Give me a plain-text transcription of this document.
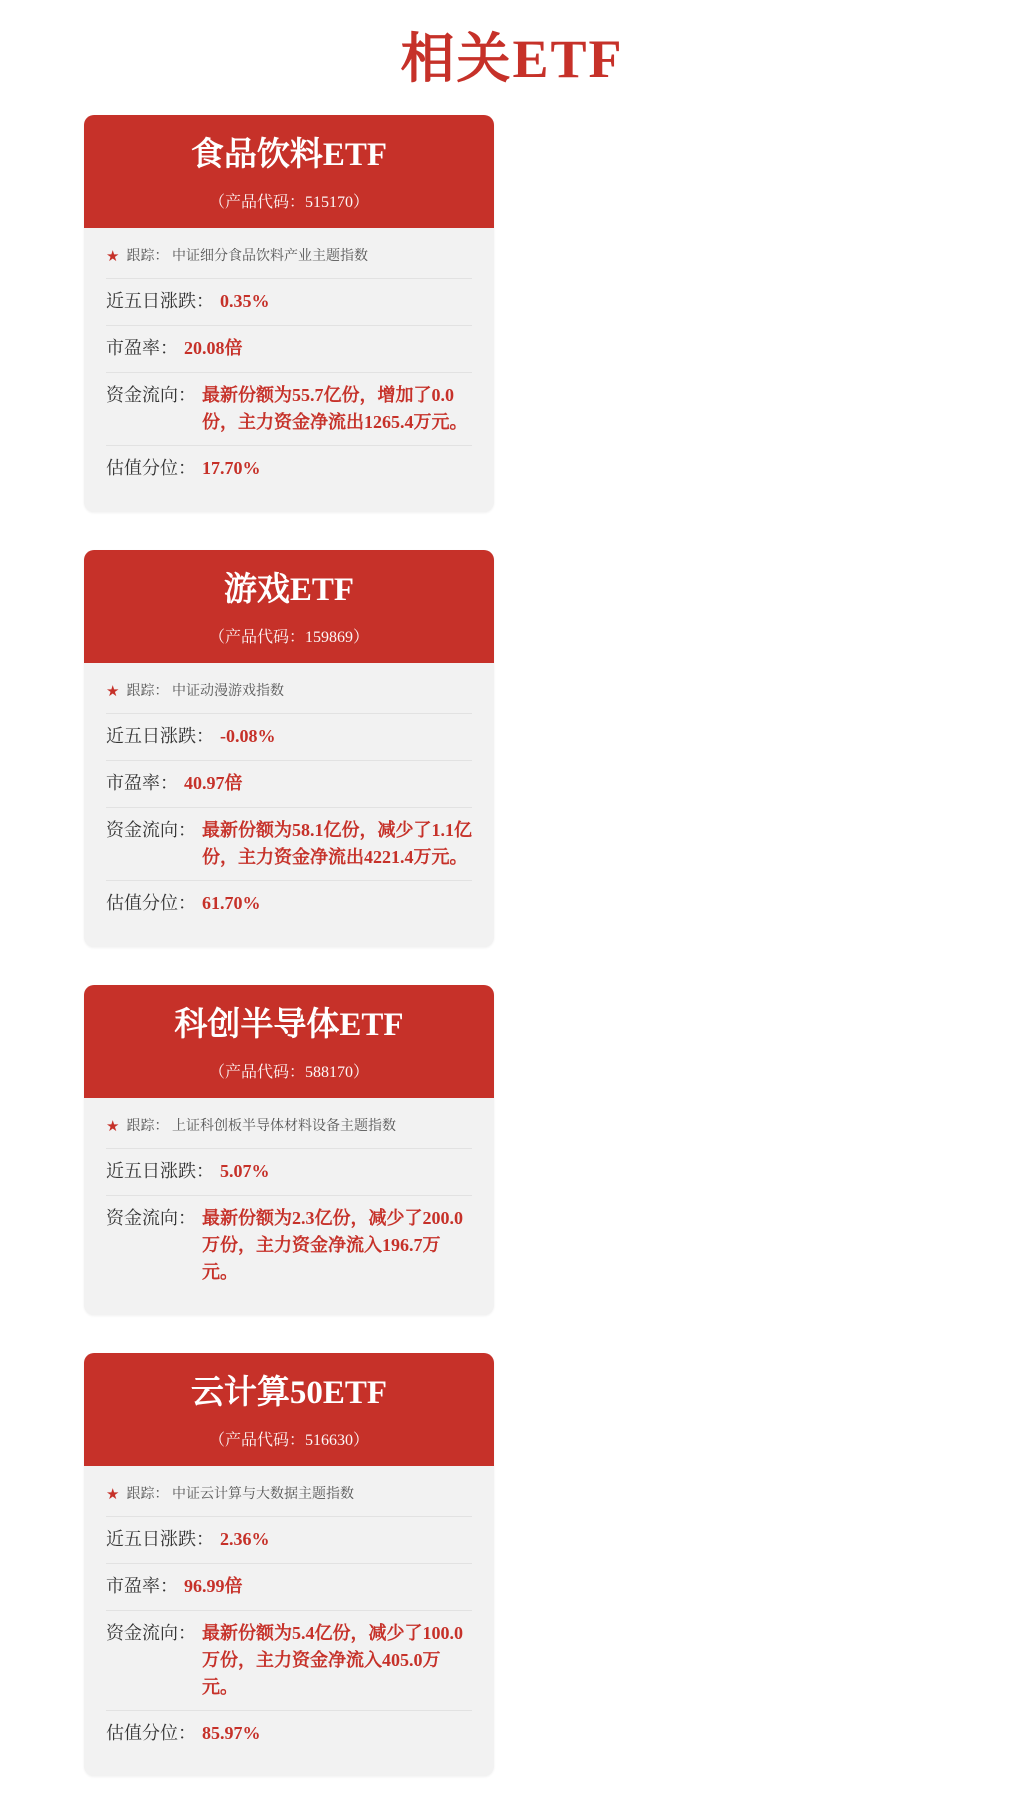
相关ETF
食品饮料ETF
（产品代码：515170）
★ 跟踪： 中证细分食品饮料产业主题指数
近五日涨跌： 0.35%
市盈率： 20.08倍
资金流向： 最新份额为55.7亿份，增加了0.0份，主力资金净流出1265.4万元。
估值分位： 17.70%
游戏ETF
（产品代码：159869）
★ 跟踪： 中证动漫游戏指数
近五日涨跌： -0.08%
市盈率： 40.97倍
资金流向： 最新份额为58.1亿份，减少了1.1亿份，主力资金净流出4221.4万元。
估值分位： 61.70%
科创半导体ETF
（产品代码：588170）
★ 跟踪： 上证科创板半导体材料设备主题指数
近五日涨跌： 5.07%
资金流向： 最新份额为2.3亿份，减少了200.0万份，主力资金净流入196.7万元。
云计算50ETF
（产品代码：516630）
★ 跟踪： 中证云计算与大数据主题指数
近五日涨跌： 2.36%
市盈率： 96.99倍
资金流向： 最新份额为5.4亿份，减少了100.0万份，主力资金净流入405.0万元。
估值分位： 85.97%
